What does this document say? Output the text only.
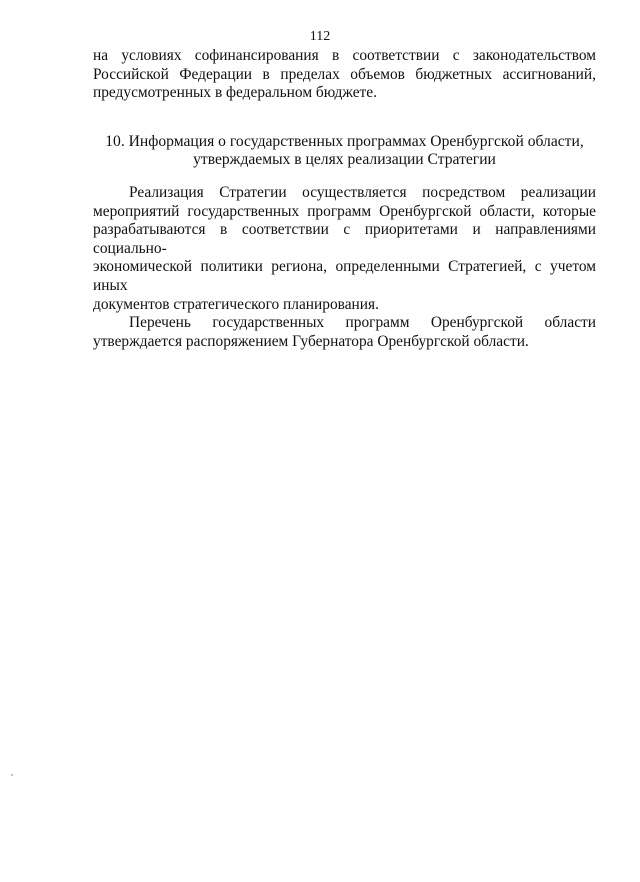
112

на условиях софинансирования в соответствии с законодательством

Российской Федерации в пределах объемов бюджетных ассигнований,

предусмотренных в федеральном бюджете.

10. Информация о государственных программах Оренбургской области,
утверждаемых в целях реализации Стратегии

Реализация Стратегии осуществляется посредством реализации

мероприятий государственных программ Оренбургской области, которые

разрабатываются в соответствии с приоритетами и направлениями социально-

экономической политики региона, определенными Стратегией, с учетом иных

документов стратегического планирования.

Перечень государственных программ Оренбургской области

утверждается распоряжением Губернатора Оренбургской области.
